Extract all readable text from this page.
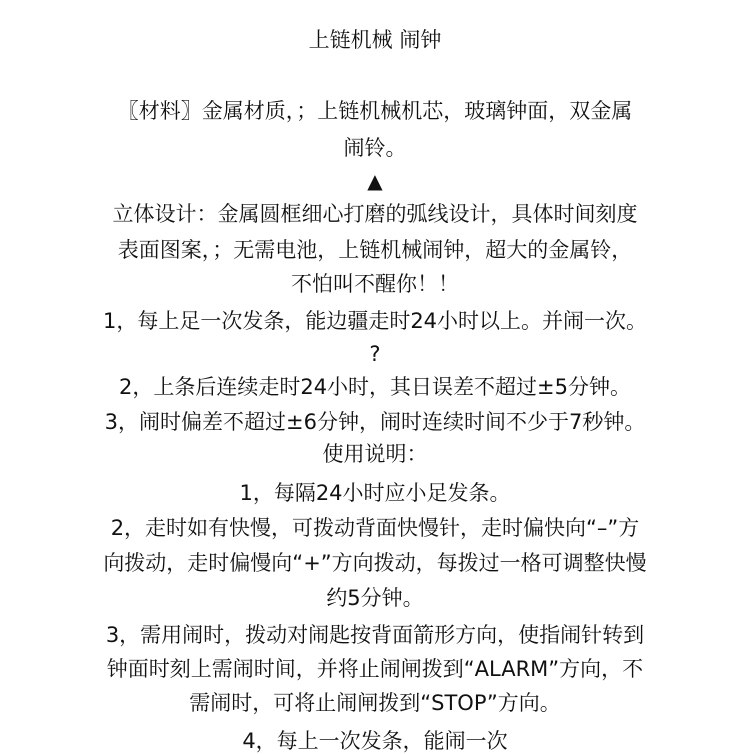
上链机械 闹钟
〖材料〗金属材质，；上链机械机芯，玻璃钟面，双金属
闹铃。
▲
立体设计：金属圆框细心打磨的弧线设计，具体时间刻度
表面图案，；无需电池，上链机械闹钟，超大的金属铃，
不怕叫不醒你！！
1，每上足一次发条，能边疆走时24小时以上。并闹一次。
?
2，上条后连续走时24小时，其日误差不超过±5分钟。
3，闹时偏差不超过±6分钟，闹时连续时间不少于7秒钟。
使用说明：
1，每隔24小时应小足发条。
2，走时如有快慢，可拨动背面快慢针，走时偏快向“–”方
向拨动，走时偏慢向“+”方向拨动，每拨过一格可调整快慢
约5分钟。
3，需用闹时，拨动对闹匙按背面箭形方向，使指闹针转到
钟面时刻上需闹时间，并将止闹闸拨到“ALARM”方向，不
需闹时，可将止闹闸拨到“STOP”方向。
4，每上一次发条，能闹一次
